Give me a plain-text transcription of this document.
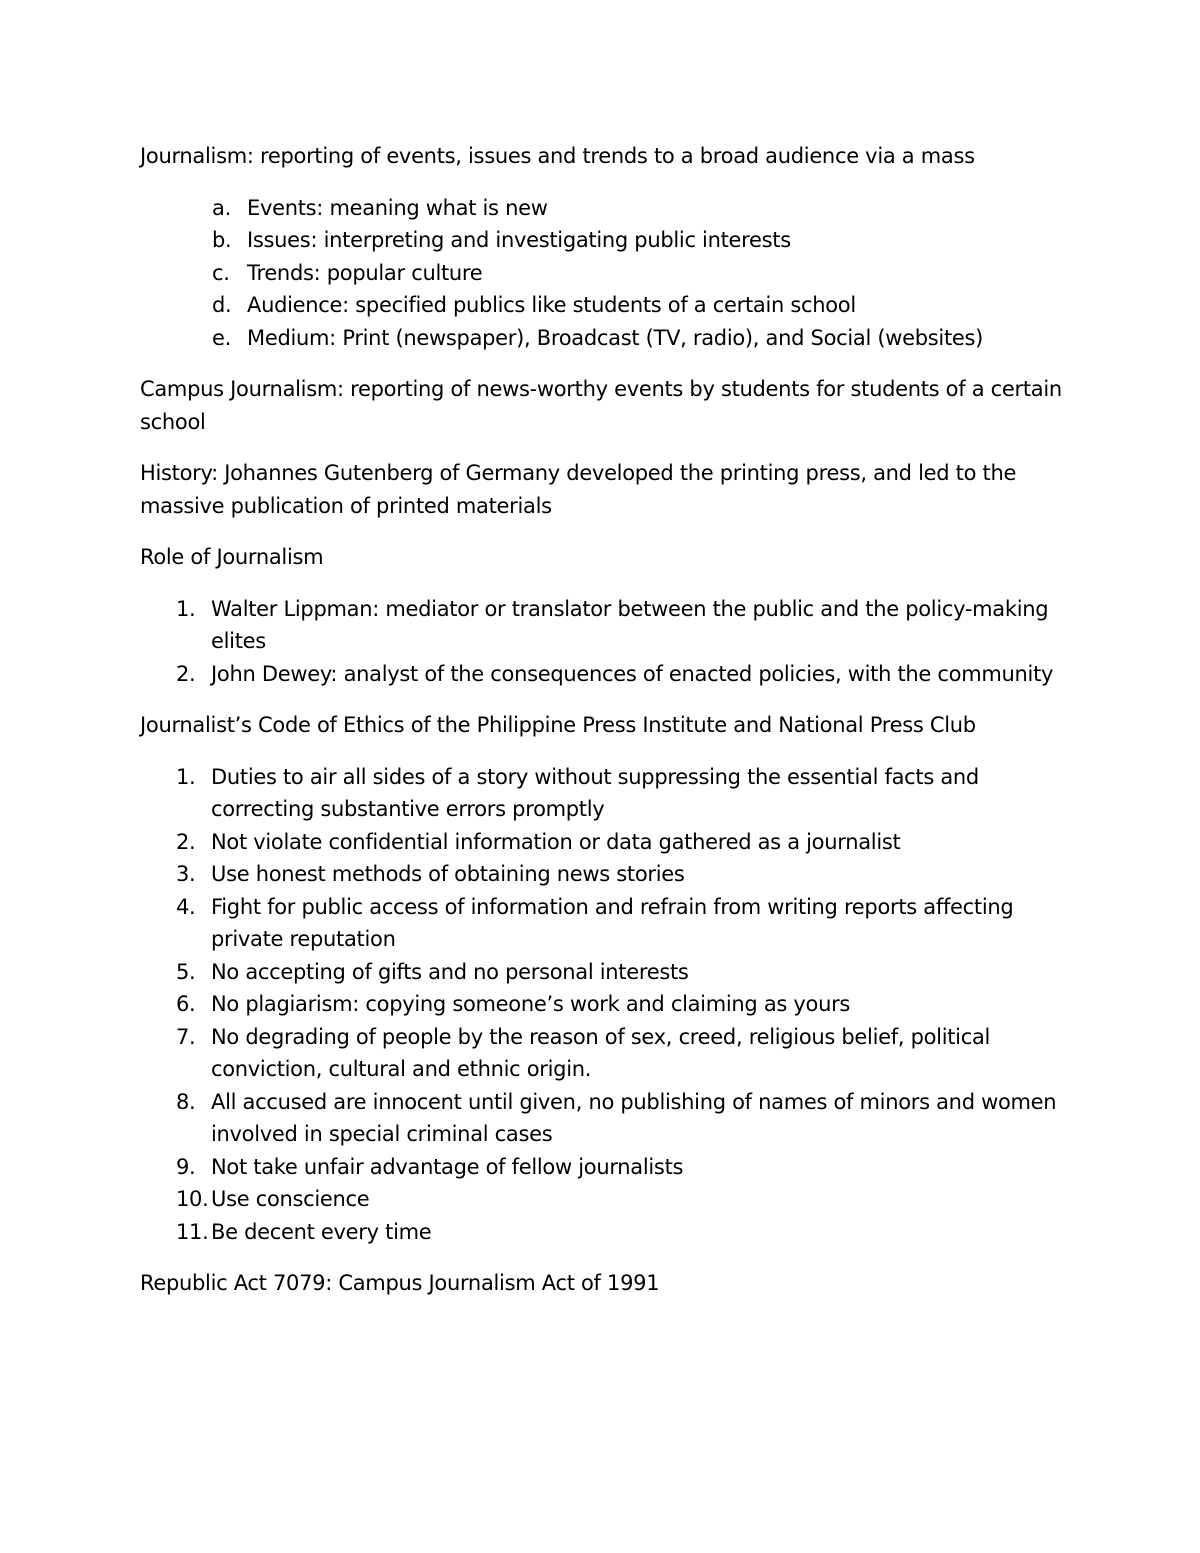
Journalism: reporting of events, issues and trends to a broad audience via a mass

a. Events: meaning what is new
b. Issues: interpreting and investigating public interests
c. Trends: popular culture
d. Audience: specified publics like students of a certain school
e. Medium: Print (newspaper), Broadcast (TV, radio), and Social (websites)

Campus Journalism: reporting of news-worthy events by students for students of a certain school

History: Johannes Gutenberg of Germany developed the printing press, and led to the massive publication of printed materials

Role of Journalism

1. Walter Lippman: mediator or translator between the public and the policy-making elites
2. John Dewey: analyst of the consequences of enacted policies, with the community

Journalist’s Code of Ethics of the Philippine Press Institute and National Press Club

1. Duties to air all sides of a story without suppressing the essential facts and correcting substantive errors promptly
2. Not violate confidential information or data gathered as a journalist
3. Use honest methods of obtaining news stories
4. Fight for public access of information and refrain from writing reports affecting private reputation
5. No accepting of gifts and no personal interests
6. No plagiarism: copying someone’s work and claiming as yours
7. No degrading of people by the reason of sex, creed, religious belief, political conviction, cultural and ethnic origin.
8. All accused are innocent until given, no publishing of names of minors and women involved in special criminal cases
9. Not take unfair advantage of fellow journalists
10. Use conscience
11. Be decent every time

Republic Act 7079: Campus Journalism Act of 1991
